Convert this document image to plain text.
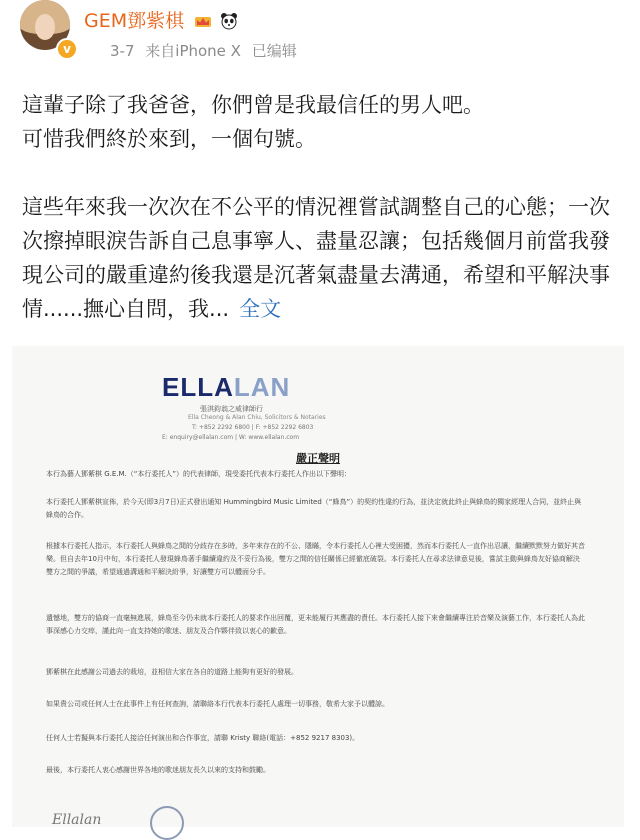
v
GEM鄧紫棋
3-7 来自iPhone X 已编辑

這輩子除了我爸爸，你們曾是我最信任的男人吧。

可惜我們終於來到，一個句號。

這些年來我一次次在不公平的情況裡嘗試調整自己的心態；一次次擦掉眼淚告訴自己息事寧人、盡量忍讓；包括幾個月前當我發現公司的嚴重違約後我還是沉著氣盡量去溝通，希望和平解決事情......撫心自問，我... 全文

ELLALAN
張淇鈞翁之威律師行
Ella Cheong & Alan Chiu, Solicitors & Notaries
T: +852 2292 6800 | F: +852 2292 6803
E: enquiry@ellalan.com | W: www.ellalan.com
嚴正聲明
本行為藝人鄧紫棋 G.E.M.（“本行委托人”）的代表律師，現受委托代表本行委托人作出以下聲明：
本行委托人鄧紫棋宣佈，於今天(即3月7日)正式發出通知 Hummingbird Music Limited（“蜂鳥”）的契約性違約行為，並決定就此終止與蜂鳥的獨家經理人合同，並終止與蜂鳥的合作。
根據本行委托人指示，本行委托人與蜂鳥之間的分歧存在多時，多年來存在的不公、隱瞞，令本行委托人心裡大受困擾，然而本行委托人一直作出忍讓，繼續默默努力做好其音樂。但自去年10月中旬，本行委托人發現蜂鳥著手繼續違約及不妥行為後，雙方之間的信任關係已經徹底破裂。本行委托人在尋求法律意見後，嘗試主動與蜂鳥友好協商解決雙方之間的爭議，希望通過溝通和平解決紛爭，好讓雙方可以體面分手。
遺憾地，雙方的協商一直毫無進展，蜂鳥至今仍未就本行委托人的要求作出回覆，更未能履行其應盡的責任。本行委托人接下來會繼續專注於音樂及演藝工作，本行委托人為此事深感心力交瘁，謹此向一直支持她的歌迷、朋友及合作夥伴致以衷心的歉意。
鄧紫棋在此感謝公司過去的栽培，並相信大家在各自的道路上能夠有更好的發展。
如果貴公司或任何人士在此事件上有任何查詢，請聯絡本行代表本行委托人處理一切事務，敬希大家予以體諒。
任何人士若擬與本行委托人接洽任何演出和合作事宜，請聯 Kristy 聯絡(電話：+852 9217 8303)。
最後，本行委托人衷心感謝世界各地的歌迷朋友長久以來的支持和鼓勵。
Ellalan
